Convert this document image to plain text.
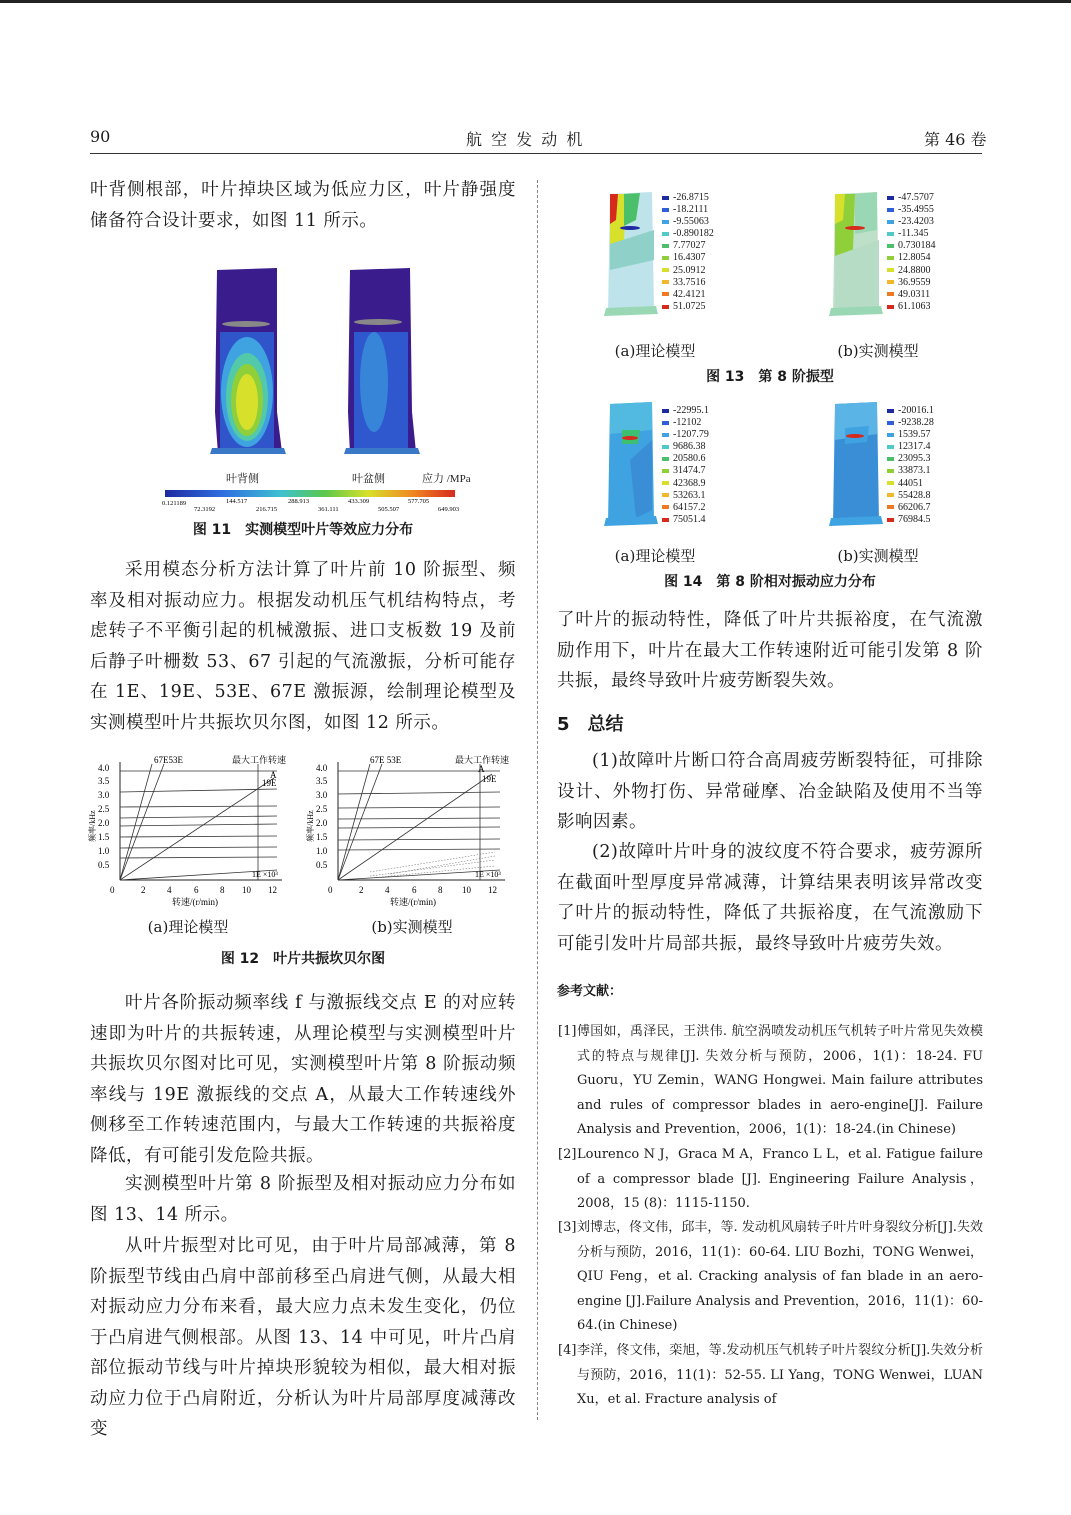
90	航 空 发 动 机	第 46 卷

叶背侧根部，叶片掉块区域为低应力区，叶片静强度储备符合设计要求，如图 11 所示。

叶背侧	叶盆侧	应力 /MPa
0.121189	144.517	288.913	433.309	577.705
72.3192	216.715	361.111	505.507	649.903
图 11　实测模型叶片等效应力分布

采用模态分析方法计算了叶片前 10 阶振型、频率及相对振动应力。根据发动机压气机结构特点，考虑转子不平衡引起的机械激振、进口支板数 19 及前后静子叶栅数 53、67 引起的气流激振，分析可能存在 1E、19E、53E、67E 激振源，绘制理论模型及实测模型叶片共振坎贝尔图，如图 12 所示。

4.0
3.5
3.0
2.5
2.0
1.5
1.0
0.5
0	2 4	6 8 10 12
67E53E	最大工作转速
19E
A
1E ×10³
转速/(r/min)
频率/kHz
4.0
3.5
3.0
2.5
2.0
1.5
1.0
0.5
0	2 4	6 8 10 12
67E 53E	最大工作转速
19E
A
1E ×10³
转速/(r/min)
频率/kHz
(a)理论模型	(b)实测模型
图 12　叶片共振坎贝尔图

叶片各阶振动频率线 f 与激振线交点 E 的对应转速即为叶片的共振转速，从理论模型与实测模型叶片共振坎贝尔图对比可见，实测模型叶片第 8 阶振动频率线与 19E 激振线的交点 A，从最大工作转速线外侧移至工作转速范围内，与最大工作转速的共振裕度降低，有可能引发危险共振。

实测模型叶片第 8 阶振型及相对振动应力分布如图 13、14 所示。

从叶片振型对比可见，由于叶片局部减薄，第 8 阶振型节线由凸肩中部前移至凸肩进气侧，从最大相对振动应力分布来看，最大应力点未发生变化，仍位于凸肩进气侧根部。从图 13、14 中可见，叶片凸肩部位振动节线与叶片掉块形貌较为相似，最大相对振动应力位于凸肩附近，分析认为叶片局部厚度减薄改变

-26.8715
-18.2111
-9.55063
-0.890182
7.77027
16.4307
25.0912
33.7516
42.4121
51.0725
-47.5707
-35.4955
-23.4203
-11.345
0.730184
12.8054
24.8800
36.9559
49.0311
61.1063
(a)理论模型	(b)实测模型
图 13　第 8 阶振型
-22995.1
-12102
-1207.79
9686.38
20580.6
31474.7
42368.9
53263.1
64157.2
75051.4
-20016.1
-9238.28
1539.57
12317.4
23095.3
33873.1
44051
55428.8
66206.7
76984.5
(a)理论模型	(b)实测模型
图 14　第 8 阶相对振动应力分布

了叶片的振动特性，降低了叶片共振裕度，在气流激励作用下，叶片在最大工作转速附近可能引发第 8 阶共振，最终导致叶片疲劳断裂失效。

5　总结

(1)故障叶片断口符合高周疲劳断裂特征，可排除设计、外物打伤、异常碰摩、冶金缺陷及使用不当等影响因素。

(2)故障叶片叶身的波纹度不符合要求，疲劳源所在截面叶型厚度异常减薄，计算结果表明该异常改变了叶片的振动特性，降低了共振裕度，在气流激励下可能引发叶片局部共振，最终导致叶片疲劳失效。

参考文献：
[1] 傅国如，禹泽民，王洪伟. 航空涡喷发动机压气机转子叶片常见失效模式的特点与规律[J]. 失效分析与预防，2006，1(1)：18-24. FU Guoru，YU Zemin，WANG Hongwei. Main failure attributes and rules of compressor blades in aero-engine[J]. Failure Analysis and Prevention，2006，1(1)：18-24.(in Chinese)
[2] Lourenco N J，Graca M A，Franco L L，et al. Fatigue failure of a compressor blade [J]. Engineering Failure Analysis，2008，15 (8)：1115-1150.
[3] 刘博志，佟文伟，邱丰，等. 发动机风扇转子叶片叶身裂纹分析[J].失效分析与预防，2016，11(1)：60-64. LIU Bozhi，TONG Wenwei，QIU Feng，et al. Cracking analysis of fan blade in an aero-engine [J].Failure Analysis and Prevention，2016，11(1)：60-64.(in Chinese)
[4] 李洋，佟文伟，栾旭，等.发动机压气机转子叶片裂纹分析[J].失效分析与预防，2016，11(1)：52-55. LI Yang，TONG Wenwei，LUAN Xu，et al. Fracture analysis of
